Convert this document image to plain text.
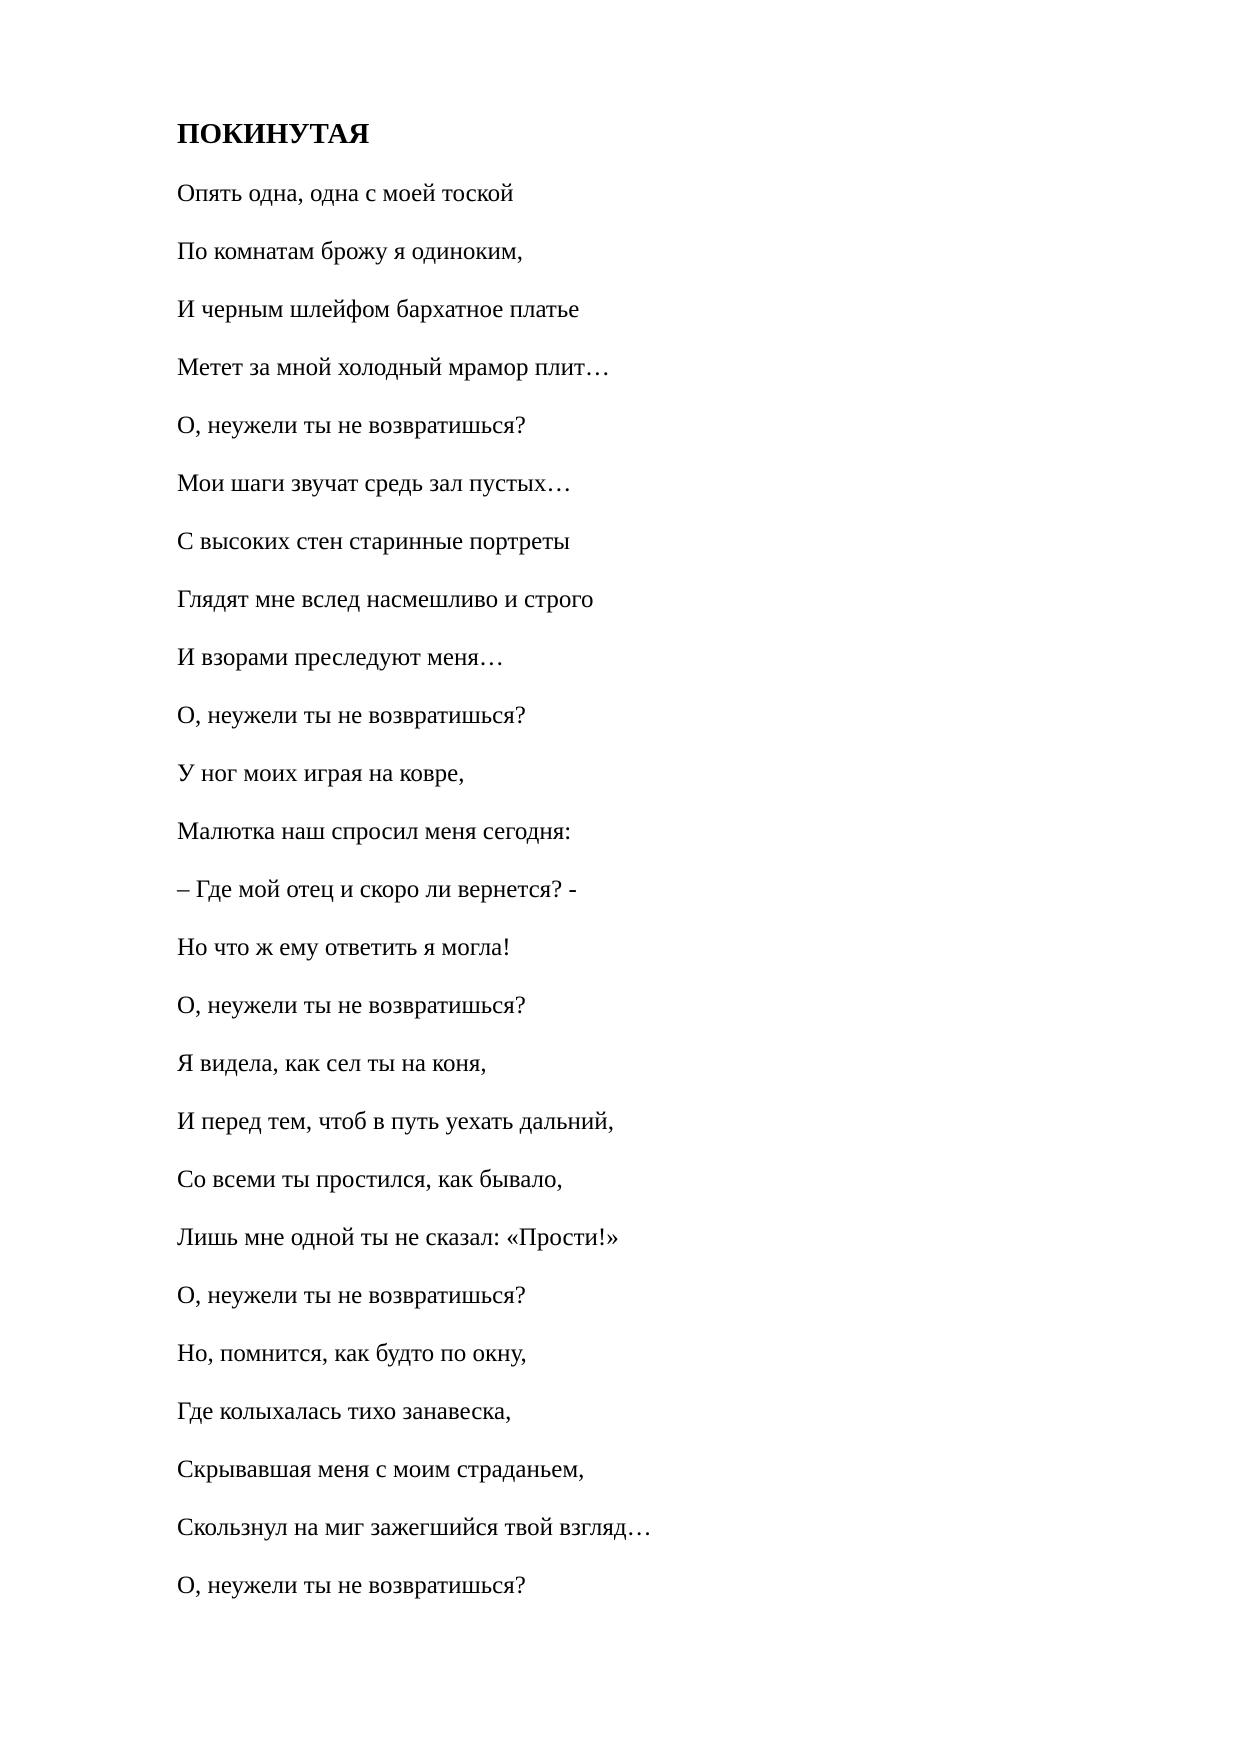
ПОКИНУТАЯ
Опять одна, одна с моей тоской
По комнатам брожу я одиноким,
И черным шлейфом бархатное платье
Метет за мной холодный мрамор плит…
О, неужели ты не возвратишься?
Мои шаги звучат средь зал пустых…
С высоких стен старинные портреты
Глядят мне вслед насмешливо и строго
И взорами преследуют меня…
О, неужели ты не возвратишься?
У ног моих играя на ковре,
Малютка наш спросил меня сегодня:
– Где мой отец и скоро ли вернется? -
Но что ж ему ответить я могла!
О, неужели ты не возвратишься?
Я видела, как сел ты на коня,
И перед тем, чтоб в путь уехать дальний,
Со всеми ты простился, как бывало,
Лишь мне одной ты не сказал: «Прости!»
О, неужели ты не возвратишься?
Но, помнится, как будто по окну,
Где колыхалась тихо занавеска,
Скрывавшая меня с моим страданьем,
Скользнул на миг зажегшийся твой взгляд…
О, неужели ты не возвратишься?
